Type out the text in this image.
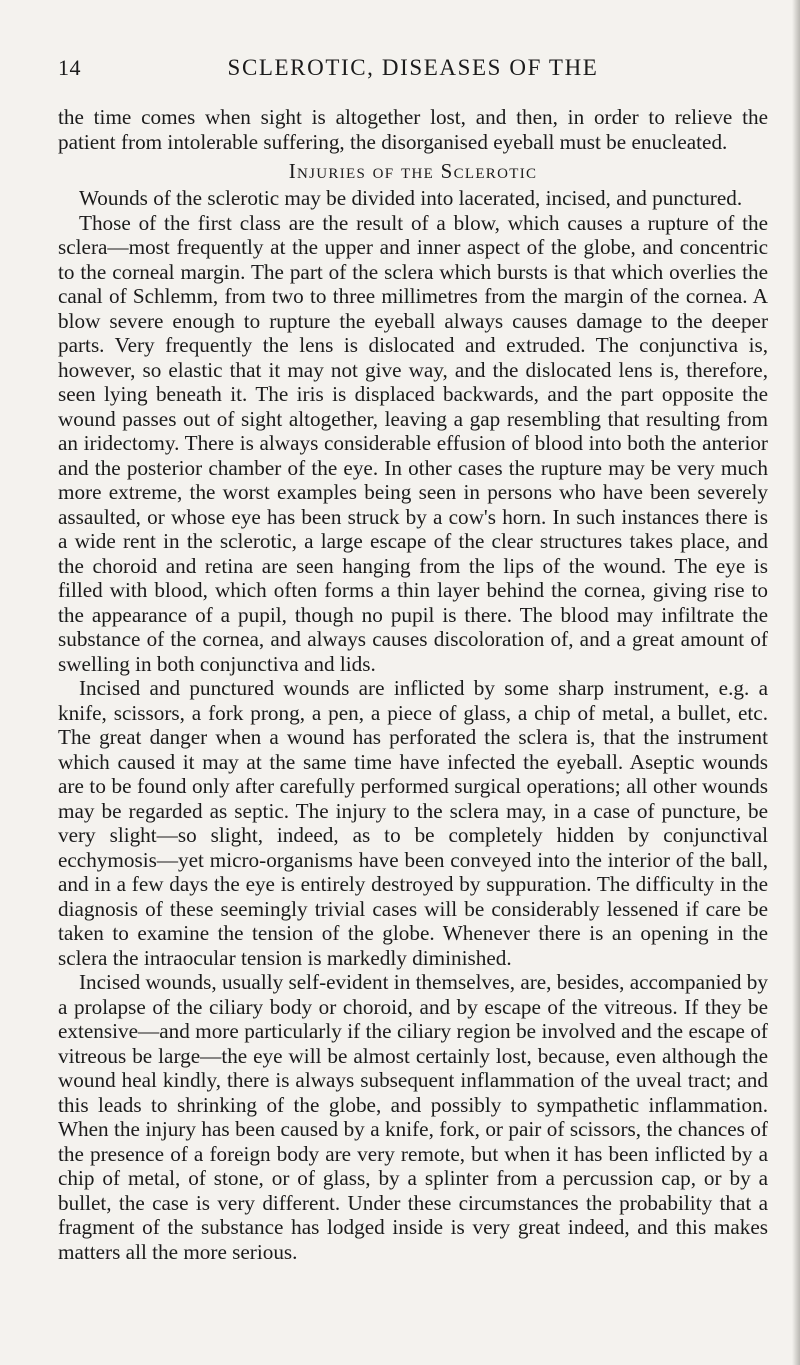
14	SCLEROTIC, DISEASES OF THE

the time comes when sight is altogether lost, and then, in order to relieve the patient from intolerable suffering, the disorganised eyeball must be enucleated.

Injuries of the Sclerotic

Wounds of the sclerotic may be divided into lacerated, incised, and punctured.

Those of the first class are the result of a blow, which causes a rupture of the sclera—most frequently at the upper and inner aspect of the globe, and concentric to the corneal margin. The part of the sclera which bursts is that which overlies the canal of Schlemm, from two to three millimetres from the margin of the cornea. A blow severe enough to rupture the eyeball always causes damage to the deeper parts. Very frequently the lens is dislocated and extruded. The conjunctiva is, however, so elastic that it may not give way, and the dislocated lens is, therefore, seen lying beneath it. The iris is displaced backwards, and the part opposite the wound passes out of sight altogether, leaving a gap resembling that resulting from an iridectomy. There is always considerable effusion of blood into both the anterior and the posterior chamber of the eye. In other cases the rupture may be very much more extreme, the worst examples being seen in persons who have been severely assaulted, or whose eye has been struck by a cow's horn. In such instances there is a wide rent in the sclerotic, a large escape of the clear structures takes place, and the choroid and retina are seen hanging from the lips of the wound. The eye is filled with blood, which often forms a thin layer behind the cornea, giving rise to the appearance of a pupil, though no pupil is there. The blood may infiltrate the substance of the cornea, and always causes discoloration of, and a great amount of swelling in both conjunctiva and lids.

Incised and punctured wounds are inflicted by some sharp instrument, e.g. a knife, scissors, a fork prong, a pen, a piece of glass, a chip of metal, a bullet, etc. The great danger when a wound has perforated the sclera is, that the instrument which caused it may at the same time have infected the eyeball. Aseptic wounds are to be found only after carefully performed surgical operations; all other wounds may be regarded as septic. The injury to the sclera may, in a case of puncture, be very slight—so slight, indeed, as to be completely hidden by conjunctival ecchymosis—yet micro-organisms have been conveyed into the interior of the ball, and in a few days the eye is entirely destroyed by suppuration. The difficulty in the diagnosis of these seemingly trivial cases will be considerably lessened if care be taken to examine the tension of the globe. Whenever there is an opening in the sclera the intraocular tension is markedly diminished.

Incised wounds, usually self-evident in themselves, are, besides, accompanied by a prolapse of the ciliary body or choroid, and by escape of the vitreous. If they be extensive—and more particularly if the ciliary region be involved and the escape of vitreous be large—the eye will be almost certainly lost, because, even although the wound heal kindly, there is always subsequent inflammation of the uveal tract; and this leads to shrinking of the globe, and possibly to sympathetic inflammation. When the injury has been caused by a knife, fork, or pair of scissors, the chances of the presence of a foreign body are very remote, but when it has been inflicted by a chip of metal, of stone, or of glass, by a splinter from a percussion cap, or by a bullet, the case is very different. Under these circumstances the probability that a fragment of the substance has lodged inside is very great indeed, and this makes matters all the more serious.
